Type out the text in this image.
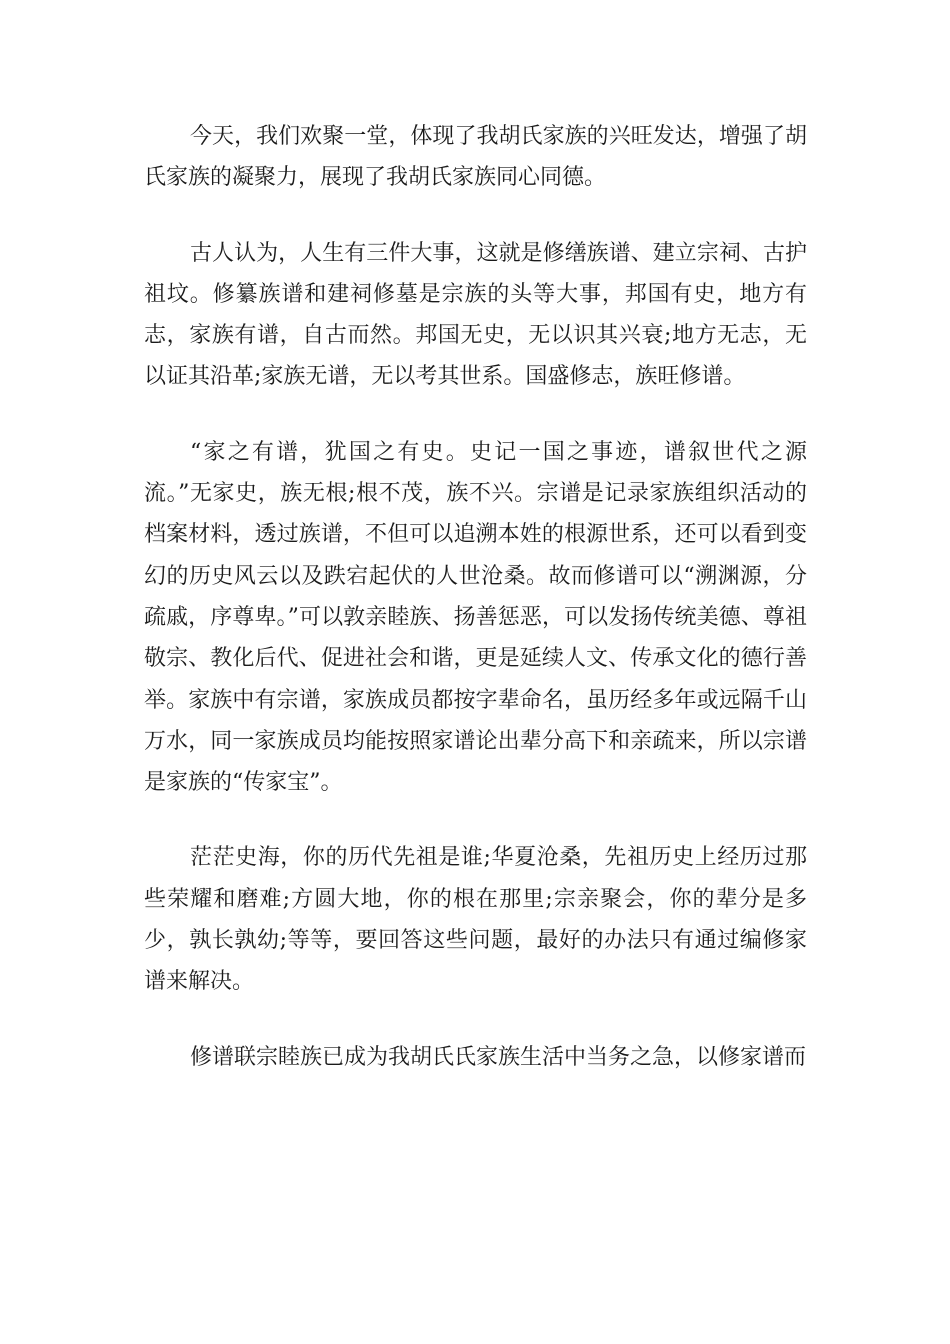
今天，我们欢聚一堂，体现了我胡氏家族的兴旺发达，增强了胡氏家族的凝聚力，展现了我胡氏家族同心同德。

古人认为，人生有三件大事，这就是修缮族谱、建立宗祠、古护祖坟。修纂族谱和建祠修墓是宗族的头等大事，邦国有史，地方有志，家族有谱，自古而然。邦国无史，无以识其兴衰;地方无志，无以证其沿革;家族无谱，无以考其世系。国盛修志，族旺修谱。

“家之有谱，犹国之有史。史记一国之事迹，谱叙世代之源流。”无家史，族无根;根不茂，族不兴。宗谱是记录家族组织活动的档案材料，透过族谱，不但可以追溯本姓的根源世系，还可以看到变幻的历史风云以及跌宕起伏的人世沧桑。故而修谱可以“溯渊源，分疏戚，序尊卑。”可以敦亲睦族、扬善惩恶，可以发扬传统美德、尊祖敬宗、教化后代、促进社会和谐，更是延续人文、传承文化的德行善举。家族中有宗谱，家族成员都按字辈命名，虽历经多年或远隔千山万水，同一家族成员均能按照家谱论出辈分高下和亲疏来，所以宗谱是家族的“传家宝”。

茫茫史海，你的历代先祖是谁;华夏沧桑，先祖历史上经历过那些荣耀和磨难;方圆大地，你的根在那里;宗亲聚会，你的辈分是多少，孰长孰幼;等等，要回答这些问题，最好的办法只有通过编修家谱来解决。

修谱联宗睦族已成为我胡氏氏家族生活中当务之急，以修家谱而
